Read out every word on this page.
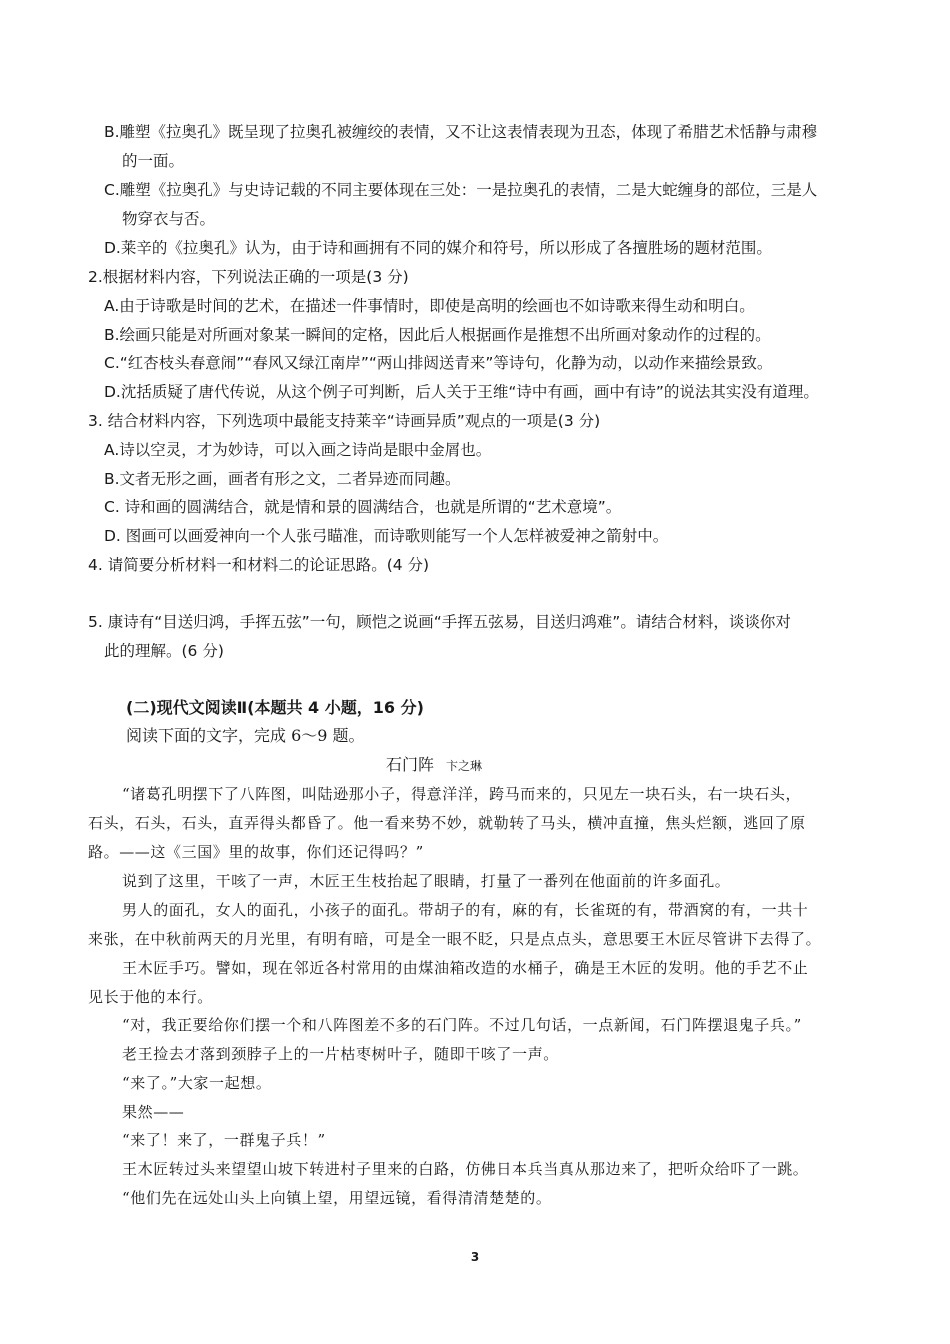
B.雕塑《拉奥孔》既呈现了拉奥孔被缠绞的表情，又不让这表情表现为丑态，体现了希腊艺术恬静与肃穆
的一面。
C.雕塑《拉奥孔》与史诗记载的不同主要体现在三处：一是拉奥孔的表情，二是大蛇缠身的部位，三是人
物穿衣与否。
D.莱辛的《拉奥孔》认为，由于诗和画拥有不同的媒介和符号，所以形成了各擅胜场的题材范围。
2.根据材料内容，下列说法正确的一项是(3 分)
A.由于诗歌是时间的艺术，在描述一件事情时，即使是高明的绘画也不如诗歌来得生动和明白。
B.绘画只能是对所画对象某一瞬间的定格，因此后人根据画作是推想不出所画对象动作的过程的。
C.“红杏枝头春意闹”“春风又绿江南岸”“两山排闼送青来”等诗句，化静为动，以动作来描绘景致。
D.沈括质疑了唐代传说，从这个例子可判断，后人关于王维“诗中有画，画中有诗”的说法其实没有道理。
3. 结合材料内容，下列选项中最能支持莱辛“诗画异质”观点的一项是(3 分)
A.诗以空灵，才为妙诗，可以入画之诗尚是眼中金屑也。
B.文者无形之画，画者有形之文，二者异迹而同趣。
C. 诗和画的圆满结合，就是情和景的圆满结合，也就是所谓的“艺术意境”。
D. 图画可以画爱神向一个人张弓瞄准，而诗歌则能写一个人怎样被爱神之箭射中。
4. 请简要分析材料一和材料二的论证思路。(4 分)
5. 康诗有“目送归鸿，手挥五弦”一句，顾恺之说画“手挥五弦易，目送归鸿难”。请结合材料，谈谈你对
此的理解。(6 分)
(二)现代文阅读Ⅱ(本题共 4 小题，16 分)
阅读下面的文字，完成 6～9 题。
石门阵 卞之琳
“诸葛孔明摆下了八阵图，叫陆逊那小子，得意洋洋，跨马而来的，只见左一块石头，右一块石头，
石头，石头，石头，直弄得头都昏了。他一看来势不妙，就勒转了马头，横冲直撞，焦头烂额，逃回了原
路。——这《三国》里的故事，你们还记得吗？”
说到了这里，干咳了一声，木匠王生枝抬起了眼睛，打量了一番列在他面前的许多面孔。
男人的面孔，女人的面孔，小孩子的面孔。带胡子的有，麻的有，长雀斑的有，带酒窝的有，一共十
来张，在中秋前两天的月光里，有明有暗，可是全一眼不眨，只是点点头，意思要王木匠尽管讲下去得了。
王木匠手巧。譬如，现在邻近各村常用的由煤油箱改造的水桶子，确是王木匠的发明。他的手艺不止
见长于他的本行。
“对，我正要给你们摆一个和八阵图差不多的石门阵。不过几句话，一点新闻，石门阵摆退鬼子兵。”
老王捡去才落到颈脖子上的一片枯枣树叶子，随即干咳了一声。
“来了。”大家一起想。
果然——
“来了！来了，一群鬼子兵！”
王木匠转过头来望望山坡下转进村子里来的白路，仿佛日本兵当真从那边来了，把听众给吓了一跳。
“他们先在远处山头上向镇上望，用望远镜，看得清清楚楚的。
3
